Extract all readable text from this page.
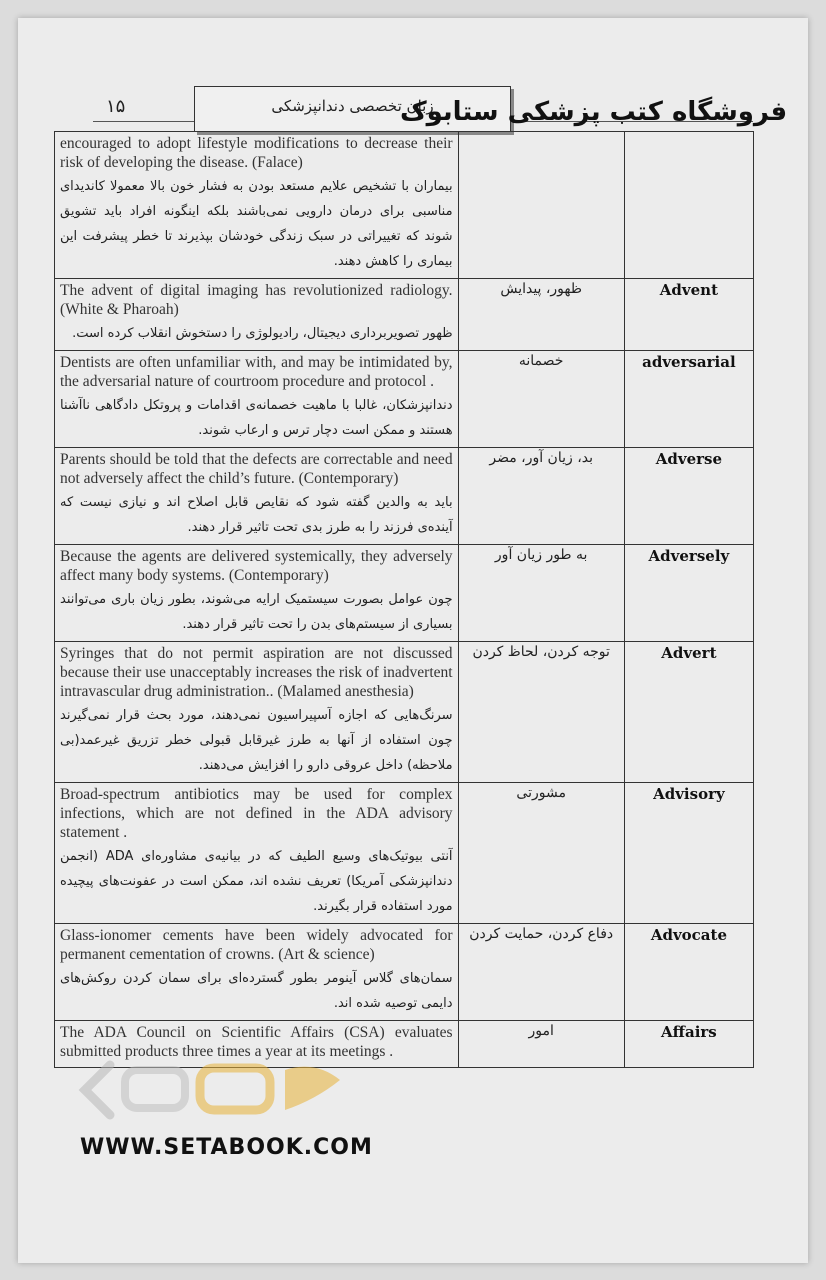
۱۵	زبان تخصصی دندانپزشکی
فروشگاه کتب پزشکی ستابوک
encouraged to adopt lifestyle modifications to decrease their risk of developing the disease. (Falace)
بیماران با تشخیص علایم مستعد بودن به فشار خون بالا معمولا کاندیدای مناسبی برای درمان دارویی نمی‌باشند بلکه اینگونه افراد باید تشویق شوند که تغییراتی در سبک زندگی خودشان بپذیرند تا خطر پیشرفت این بیماری را کاهش دهند.		

The advent of digital imaging has revolutionized radiology. (White & Pharoah)
ظهور تصویربرداری دیجیتال، رادیولوژی را دستخوش انقلاب کرده است.	ظهور، پیدایش	Advent

Dentists are often unfamiliar with, and may be intimidated by, the adversarial nature of courtroom procedure and protocol .
دندانپزشکان، غالبا با ماهیت خصمانه‌ی اقدامات و پروتکل دادگاهی ناآشنا هستند و ممکن است دچار ترس و ارعاب شوند.	خصمانه	adversarial

Parents should be told that the defects are correctable and need not adversely affect the child’s future. (Contemporary)
باید به والدین گفته شود که نقایص قابل اصلاح اند و نیازی نیست که آینده‌ی فرزند را به طرز بدی تحت تاثیر قرار دهند.	بد، زیان آور، مضر	Adverse

Because the agents are delivered systemically, they adversely affect many body systems. (Contemporary)
چون عوامل بصورت سیستمیک ارایه می‌شوند، بطور زیان باری می‌توانند بسیاری از سیستم‌های بدن را تحت تاثیر قرار دهند.	به طور زیان آور	Adversely

Syringes that do not permit aspiration are not discussed because their use unacceptably increases the risk of inadvertent intravascular drug administration.. (Malamed anesthesia)
سرنگ‌هایی که اجازه آسپیراسیون نمی‌دهند، مورد بحث قرار نمی‌گیرند چون استفاده از آنها به طرز غیرقابل قبولی خطر تزریق غیرعمد(بی ملاحظه) داخل عروقی دارو را افزایش می‌دهند.	توجه کردن، لحاظ کردن	Advert

Broad-spectrum antibiotics may be used for complex infections, which are not defined in the ADA advisory statement .
آنتی بیوتیک‌های وسیع الطیف که در بیانیه‌ی مشاوره‌ای ADA (انجمن دندانپزشکی آمریکا) تعریف نشده اند، ممکن است در عفونت‌های پیچیده مورد استفاده قرار بگیرند.	مشورتی	Advisory

Glass-ionomer cements have been widely advocated for permanent cementation of crowns. (Art & science)
سمان‌های گلاس آینومر بطور گسترده‌ای برای سمان کردن روکش‌های دایمی توصیه شده اند.	دفاع کردن، حمایت کردن	Advocate

The ADA Council on Scientific Affairs (CSA) evaluates submitted products three times a year at its meetings .	امور	Affairs
WWW.SETABOOK.COM
